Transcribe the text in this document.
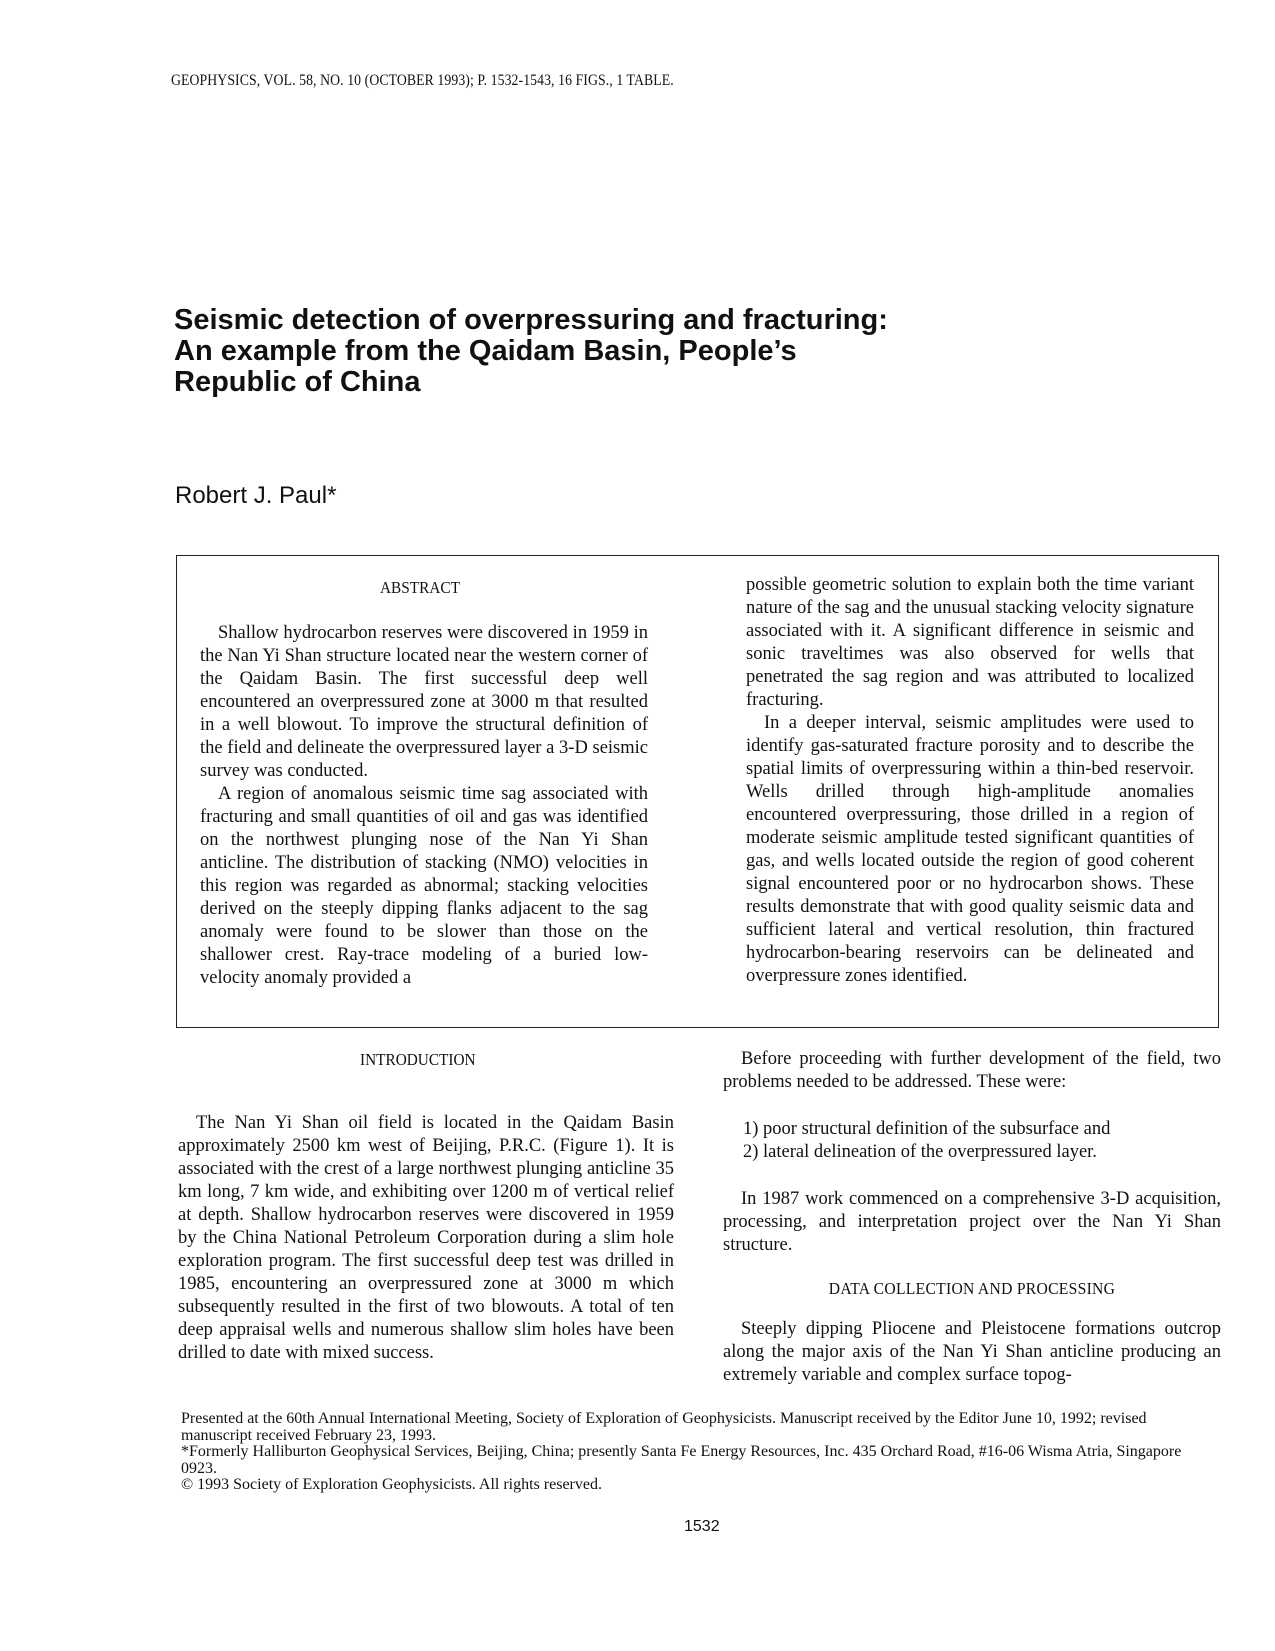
GEOPHYSICS, VOL. 58, NO. 10 (OCTOBER 1993); P. 1532-1543, 16 FIGS., 1 TABLE.
Seismic detection of overpressuring and fracturing:
An example from the Qaidam Basin, People’s
Republic of China
Robert J. Paul*
ABSTRACT

Shallow hydrocarbon reserves were discovered in 1959 in the Nan Yi Shan structure located near the western corner of the Qaidam Basin. The first successful deep well encountered an overpressured zone at 3000 m that resulted in a well blowout. To improve the structural definition of the field and delineate the overpressured layer a 3-D seismic survey was conducted.

A region of anomalous seismic time sag associated with fracturing and small quantities of oil and gas was identified on the northwest plunging nose of the Nan Yi Shan anticline. The distribution of stacking (NMO) velocities in this region was regarded as abnormal; stacking velocities derived on the steeply dipping flanks adjacent to the sag anomaly were found to be slower than those on the shallower crest. Ray-trace modeling of a buried low-velocity anomaly provided a

possible geometric solution to explain both the time variant nature of the sag and the unusual stacking velocity signature associated with it. A significant difference in seismic and sonic traveltimes was also observed for wells that penetrated the sag region and was attributed to localized fracturing.

In a deeper interval, seismic amplitudes were used to identify gas-saturated fracture porosity and to describe the spatial limits of overpressuring within a thin-bed reservoir. Wells drilled through high-amplitude anomalies encountered overpressuring, those drilled in a region of moderate seismic amplitude tested significant quantities of gas, and wells located outside the region of good coherent signal encountered poor or no hydrocarbon shows. These results demonstrate that with good quality seismic data and sufficient lateral and vertical resolution, thin fractured hydrocarbon-bearing reservoirs can be delineated and overpressure zones identified.

INTRODUCTION

The Nan Yi Shan oil field is located in the Qaidam Basin approximately 2500 km west of Beijing, P.R.C. (Figure 1). It is associated with the crest of a large northwest plunging anticline 35 km long, 7 km wide, and exhibiting over 1200 m of vertical relief at depth. Shallow hydrocarbon reserves were discovered in 1959 by the China National Petroleum Corporation during a slim hole exploration program. The first successful deep test was drilled in 1985, encountering an overpressured zone at 3000 m which subsequently resulted in the first of two blowouts. A total of ten deep appraisal wells and numerous shallow slim holes have been drilled to date with mixed success.

Before proceeding with further development of the field, two problems needed to be addressed. These were:

1) poor structural definition of the subsurface and
2) lateral delineation of the overpressured layer.

In 1987 work commenced on a comprehensive 3-D acquisition, processing, and interpretation project over the Nan Yi Shan structure.

DATA COLLECTION AND PROCESSING

Steeply dipping Pliocene and Pleistocene formations outcrop along the major axis of the Nan Yi Shan anticline producing an extremely variable and complex surface topog-

Presented at the 60th Annual International Meeting, Society of Exploration of Geophysicists. Manuscript received by the Editor June 10, 1992; revised manuscript received February 23, 1993.
*Formerly Halliburton Geophysical Services, Beijing, China; presently Santa Fe Energy Resources, Inc. 435 Orchard Road, #16-06 Wisma Atria, Singapore 0923.
© 1993 Society of Exploration Geophysicists. All rights reserved.
1532
